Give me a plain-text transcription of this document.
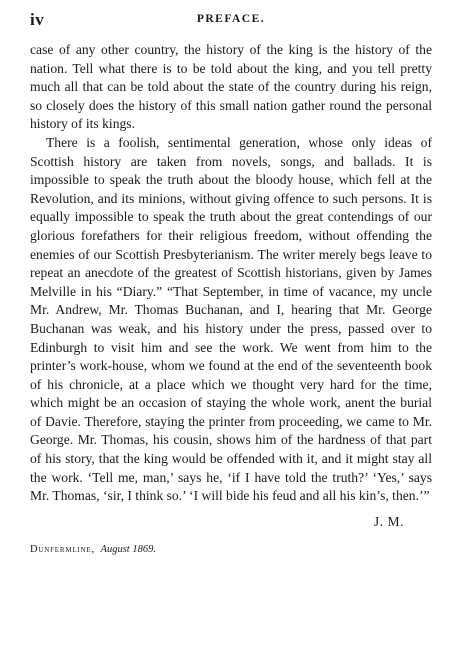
iv	PREFACE.

case of any other country, the history of the king is the history of the nation. Tell what there is to be told about the king, and you tell pretty much all that can be told about the state of the country during his reign, so closely does the history of this small nation gather round the personal history of its kings.

There is a foolish, sentimental generation, whose only ideas of Scottish history are taken from novels, songs, and ballads. It is impossible to speak the truth about the bloody house, which fell at the Revolution, and its minions, without giving offence to such persons. It is equally impossible to speak the truth about the great contendings of our glorious forefathers for their religious freedom, without offending the enemies of our Scottish Presbyterianism. The writer merely begs leave to repeat an anecdote of the greatest of Scottish historians, given by James Melville in his “Diary.” “That September, in time of vacance, my uncle Mr. Andrew, Mr. Thomas Buchanan, and I, hearing that Mr. George Buchanan was weak, and his history under the press, passed over to Edinburgh to visit him and see the work. We went from him to the printer’s work-house, whom we found at the end of the seventeenth book of his chronicle, at a place which we thought very hard for the time, which might be an occasion of staying the whole work, anent the burial of Davie. Therefore, staying the printer from proceeding, we came to Mr. George. Mr. Thomas, his cousin, shows him of the hardness of that part of his story, that the king would be offended with it, and it might stay all the work. ‘Tell me, man,’ says he, ‘if I have told the truth?’ ‘Yes,’ says Mr. Thomas, ‘sir, I think so.’ ‘I will bide his feud and all his kin’s, then.’”

J. M.
Dunfermline, August 1869.
